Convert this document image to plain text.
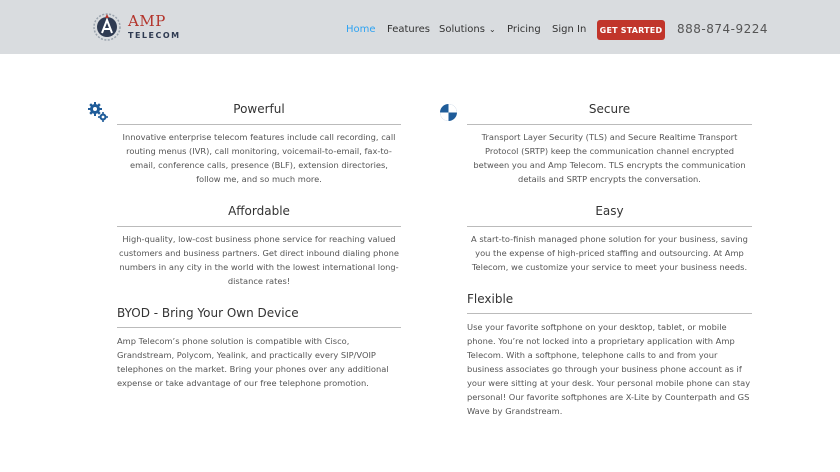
AMP
TELECOM
Home Features Solutions ⌄ Pricing Sign In	GET STARTED 888-874-9224
Powerful
Innovative enterprise telecom features include call recording, call routing menus (IVR), call monitoring, voicemail-to-email, fax-to-email, conference calls, presence (BLF), extension directories, follow me, and so much more.
Secure
Transport Layer Security (TLS) and Secure Realtime Transport Protocol (SRTP) keep the communication channel encrypted between you and Amp Telecom. TLS encrypts the communication details and SRTP encrypts the conversation.
Affordable
High-quality, low-cost business phone service for reaching valued customers and business partners. Get direct inbound dialing phone numbers in any city in the world with the lowest international long-distance rates!
Easy
A start-to-finish managed phone solution for your business, saving you the expense of high-priced staffing and outsourcing. At Amp Telecom, we customize your service to meet your business needs.
BYOD - Bring Your Own Device
Amp Telecom’s phone solution is compatible with Cisco, Grandstream, Polycom, Yealink, and practically every SIP/VOIP telephones on the market. Bring your phones over any additional expense or take advantage of our free telephone promotion.
Flexible
Use your favorite softphone on your desktop, tablet, or mobile phone. You’re not locked into a proprietary application with Amp Telecom. With a softphone, telephone calls to and from your business associates go through your business phone account as if your were sitting at your desk. Your personal mobile phone can stay personal! Our favorite softphones are X-Lite by Counterpath and GS Wave by Grandstream.
